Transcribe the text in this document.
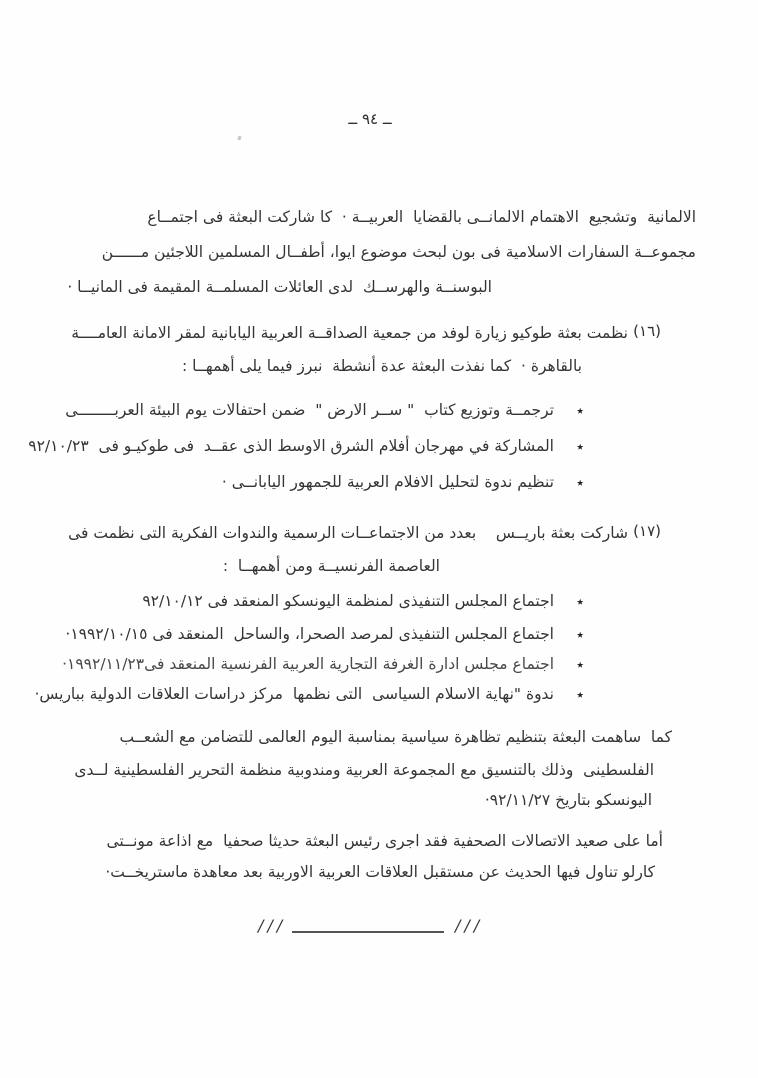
ــ ٩٤ ــ
الالمانية  وتشجيع  الاهتمام الالمانــى بالقضايا  العربيــة ·  كا شاركت البعثة فى اجتمــاع
مجموعــة السفارات الاسلامية فى بون لبحث موضوع ايوا، أطفــال المسلمين اللاجئين مــــــن
البوسنــة والهرســك  لدى العائلات المسلمــة المقيمة فى المانيــا ·
(١٦)
نظمت بعثة طوكيو زيارة لوفد من جمعية الصداقــة العربية اليابانية لمقر الامانة العامــــة
بالقاهرة ·  كما نفذت البعثة عدة أنشطة  نبرز فيما يلى أهمهــا :
٭
ترجمــة وتوزيع كتاب  " ســر الارض "  ضمن احتفالات يوم البيئة العربــــــــى
٭
المشاركة في مهرجان أفلام الشرق الاوسط الذى عقــد  فى طوكيـو فى  ٩٢/١٠/٢٣
٭
تنظيم ندوة لتحليل الافلام العربية للجمهور اليابانــى ·
(١٧)
شاركت بعثة باريــس    بعدد من الاجتماعــات الرسمية والندوات الفكرية التى نظمت فى
العاصمة الفرنسيــة ومن أهمهــا  :
٭
اجتماع المجلس التنفيذى لمنظمة اليونسكو المنعقد فى ٩٢/١٠/١٢
٭
اجتماع المجلس التنفيذى لمرصد الصحرا، والساحل  المنعقد فى ١٩٩٢/١٠/١٥·
٭
اجتماع مجلس ادارة الغرفة التجارية العربية الفرنسية المنعقد فى١٩٩٢/١١/٢٣·
٭
ندوة "نهاية الاسلام السياسى  التى نظمها  مركز دراسات العلاقات الدولية بباريس·
كما  ساهمت البعثة بتنظيم تظاهرة سياسية بمناسبة اليوم العالمى للتضامن مع الشعــب
الفلسطينى  وذلك بالتنسيق مع المجموعة العربية ومندوبية منظمة التحرير الفلسطينية لــدى
اليونسكو بتاريخ ٩٢/١١/٢٧·
أما على صعيد الاتصالات الصحفية فقد اجرى رئيس البعثة حديثا صحفيا  مع اذاعة مونــتى
كارلو تناول فيها الحديث عن مستقبل العلاقات العربية الاوربية بعد معاهدة ماستريخــت·
///	///
